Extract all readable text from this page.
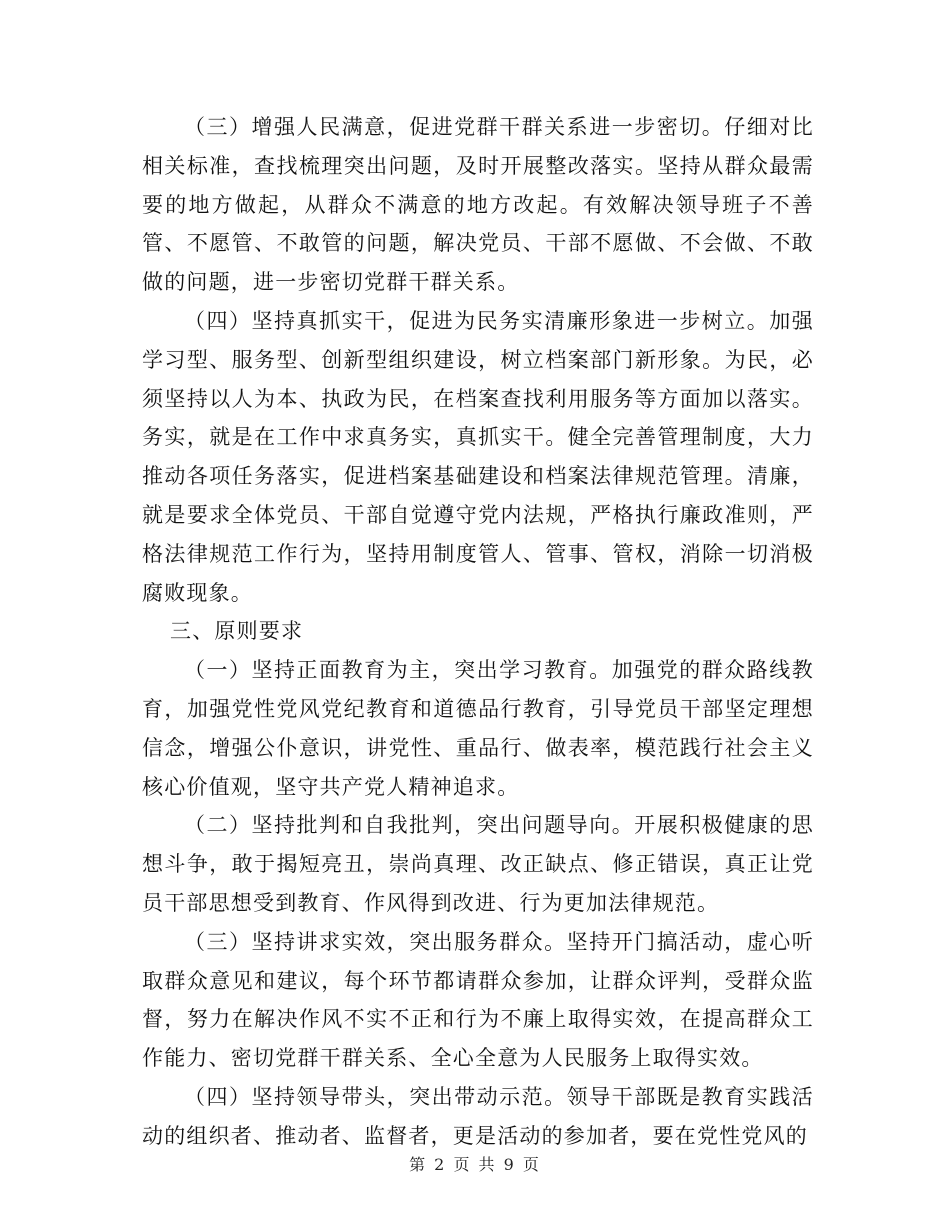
（三）增强人民满意，促进党群干群关系进一步密切。仔细对比相关标准，查找梳理突出问题，及时开展整改落实。坚持从群众最需要的地方做起，从群众不满意的地方改起。有效解决领导班子不善管、不愿管、不敢管的问题，解决党员、干部不愿做、不会做、不敢做的问题，进一步密切党群干群关系。

（四）坚持真抓实干，促进为民务实清廉形象进一步树立。加强学习型、服务型、创新型组织建设，树立档案部门新形象。为民，必须坚持以人为本、执政为民，在档案查找利用服务等方面加以落实。务实，就是在工作中求真务实，真抓实干。健全完善管理制度，大力推动各项任务落实，促进档案基础建设和档案法律规范管理。清廉，就是要求全体党员、干部自觉遵守党内法规，严格执行廉政准则，严格法律规范工作行为，坚持用制度管人、管事、管权，消除一切消极腐败现象。

三、原则要求

（一）坚持正面教育为主，突出学习教育。加强党的群众路线教育，加强党性党风党纪教育和道德品行教育，引导党员干部坚定理想信念，增强公仆意识，讲党性、重品行、做表率，模范践行社会主义核心价值观，坚守共产党人精神追求。

（二）坚持批判和自我批判，突出问题导向。开展积极健康的思想斗争，敢于揭短亮丑，崇尚真理、改正缺点、修正错误，真正让党员干部思想受到教育、作风得到改进、行为更加法律规范。

（三）坚持讲求实效，突出服务群众。坚持开门搞活动，虚心听取群众意见和建议，每个环节都请群众参加，让群众评判，受群众监督，努力在解决作风不实不正和行为不廉上取得实效，在提高群众工作能力、密切党群干群关系、全心全意为人民服务上取得实效。

（四）坚持领导带头，突出带动示范。领导干部既是教育实践活动的组织者、推动者、监督者，更是活动的参加者，要在党性党风的

第 2 页 共 9 页
